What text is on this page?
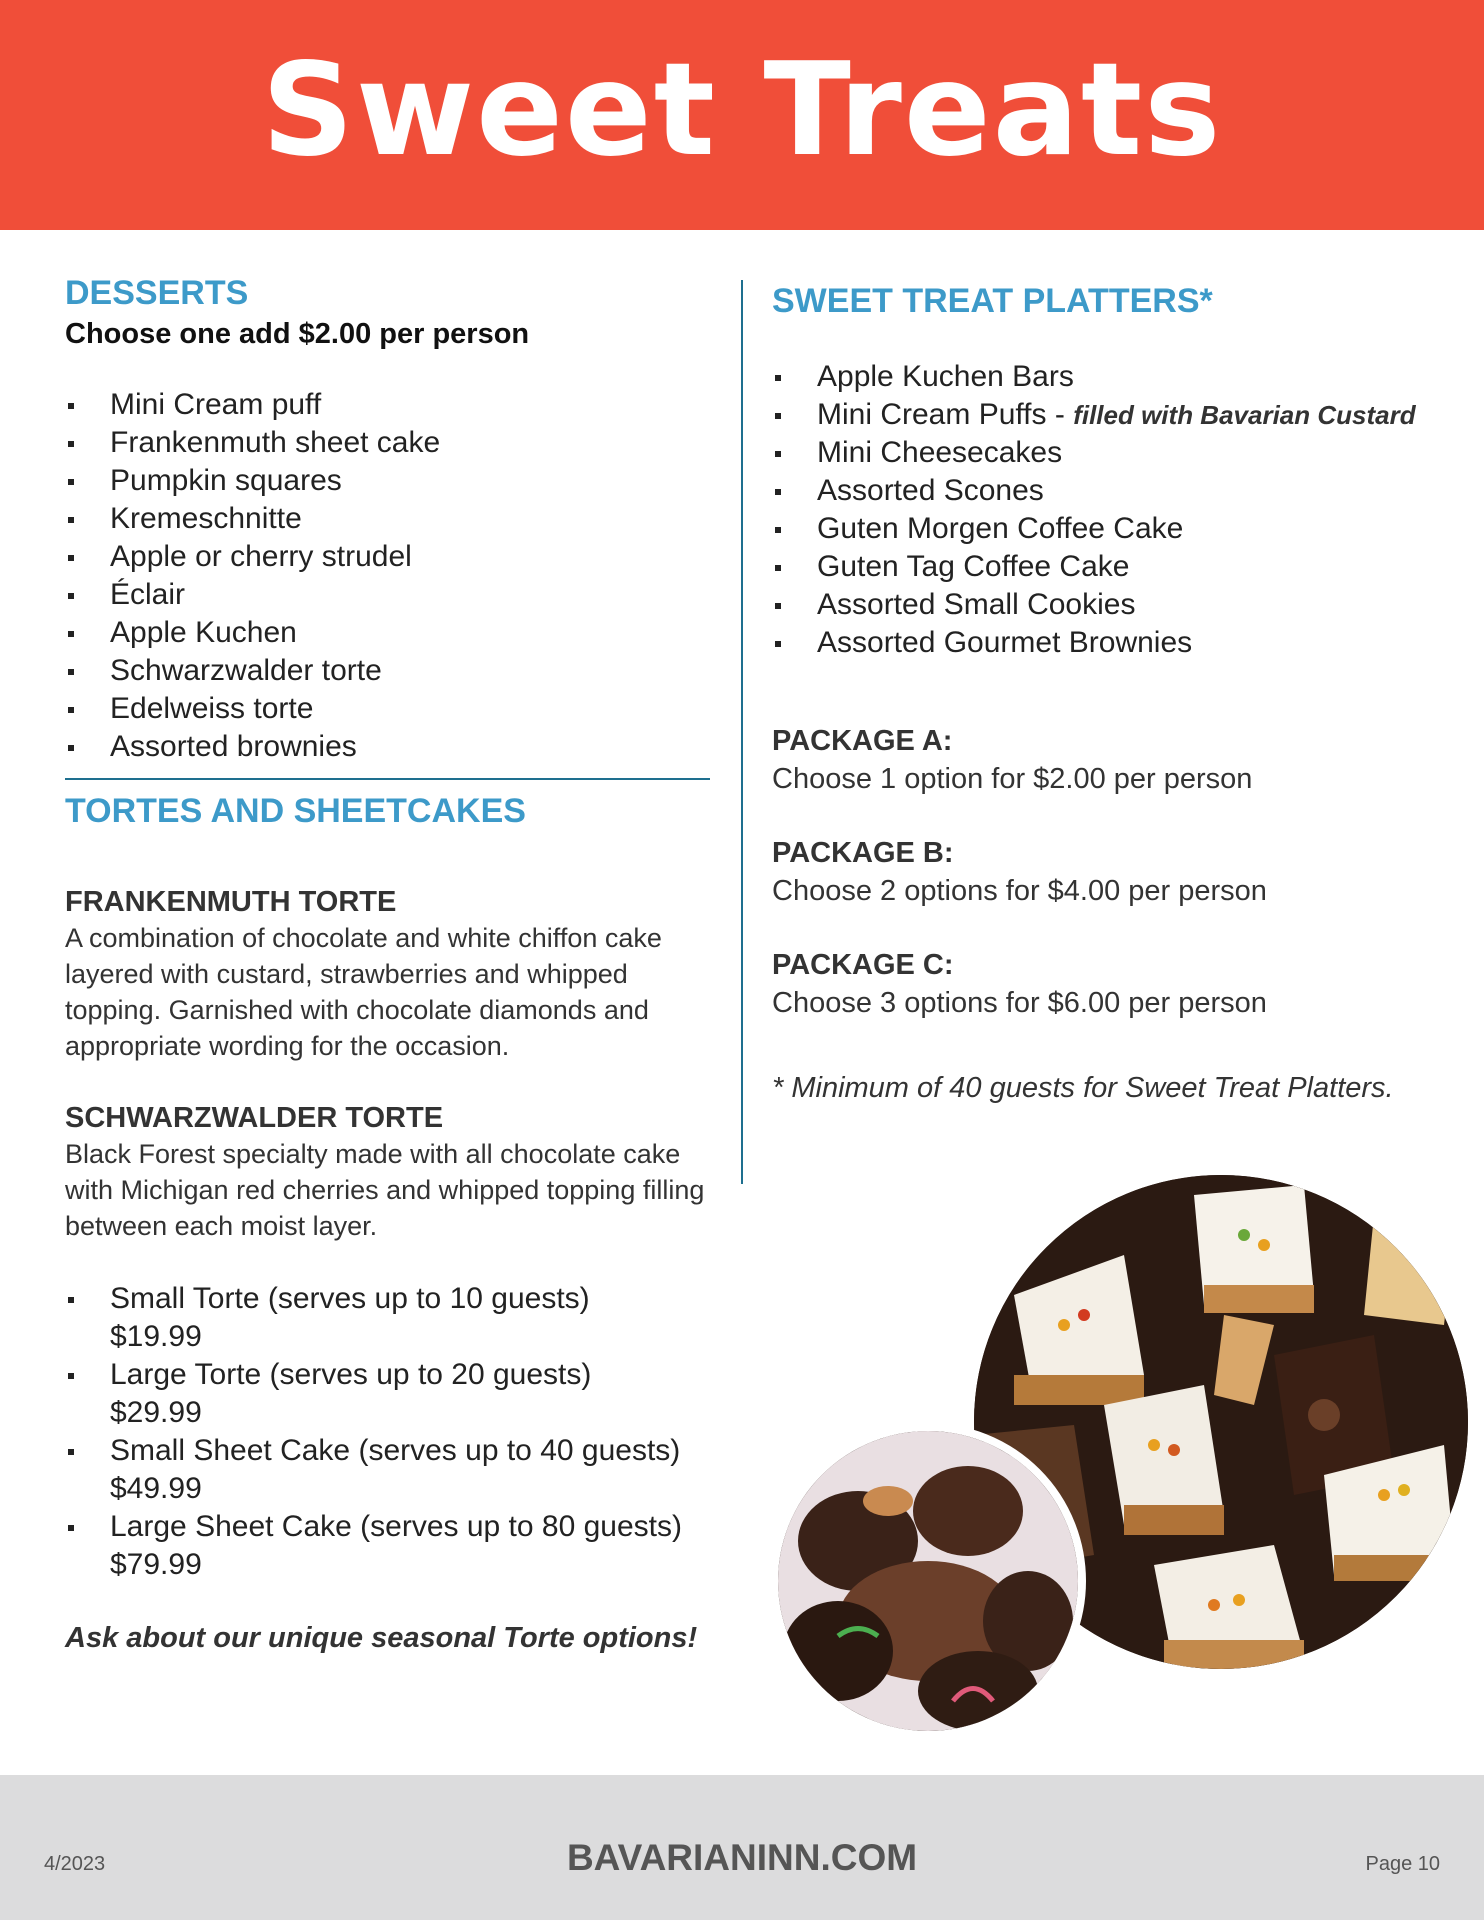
Sweet Treats
DESSERTS

Choose one add $2.00 per person

Mini Cream puff
Frankenmuth sheet cake
Pumpkin squares
Kremeschnitte
Apple or cherry strudel
Éclair
Apple Kuchen
Schwarzwalder torte
Edelweiss torte
Assorted brownies
TORTES AND SHEETCAKES

FRANKENMUTH TORTE

A combination of chocolate and white chiffon cake layered with custard, strawberries and whipped topping. Garnished with chocolate diamonds and appropriate wording for the occasion.

SCHWARZWALDER TORTE

Black Forest specialty made with all chocolate cake with Michigan red cherries and whipped topping filling between each moist layer.

Small Torte (serves up to 10 guests)
$19.99
Large Torte (serves up to 20 guests)
$29.99
Small Sheet Cake (serves up to 40 guests)
$49.99
Large Sheet Cake (serves up to 80 guests)
$79.99

Ask about our unique seasonal Torte options!

SWEET TREAT PLATTERS*
Apple Kuchen Bars
Mini Cream Puffs - filled with Bavarian Custard
Mini Cheesecakes
Assorted Scones
Guten Morgen Coffee Cake
Guten Tag Coffee Cake
Assorted Small Cookies
Assorted Gourmet Brownies

PACKAGE A:

Choose 1 option for $2.00 per person

PACKAGE B:

Choose 2 options for $4.00 per person

PACKAGE C:

Choose 3 options for $6.00 per person

* Minimum of 40 guests for Sweet Treat Platters.

4/2023	BAVARIANINN.COM	Page 10
